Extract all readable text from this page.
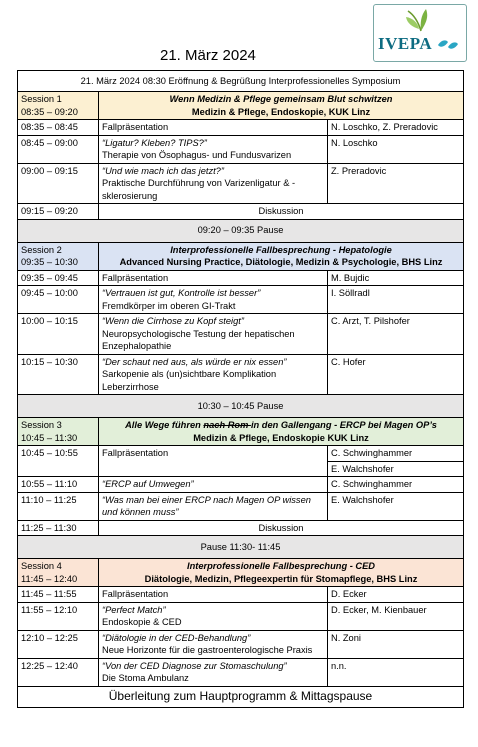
IVEPA
21. März 2024
21. März 2024 08:30 Eröffnung & Begrüßung Interprofessionelles Symposium		

Session 1
08:35 – 09:20	Wenn Medizin & Pflege gemeinsam Blut schwitzen
Medizin & Pflege, Endoskopie, KUK Linz	

08:35 – 08:45	Fallpräsentation	N. Loschko, Z. Preradovic
08:45 – 09:00	“Ligatur? Kleben? TIPS?”
Therapie von Ösophagus- und Fundusvarizen	N. Loschko
09:00 – 09:15	“Und wie mach ich das jetzt?”
Praktische Durchführung von Varizenligatur & -sklerosierung	Z. Preradovic
09:15 – 09:20	Diskussion	
09:20 – 09:35 Pause		

Session 2
09:35 – 10:30	Interprofessionelle Fallbesprechung - Hepatologie
Advanced Nursing Practice, Diätologie, Medizin & Psychologie, BHS Linz	

09:35 – 09:45	Fallpräsentation	M. Bujdic
09:45 – 10:00	“Vertrauen ist gut, Kontrolle ist besser”
Fremdkörper im oberen GI-Trakt	I. Söllradl
10:00 – 10:15	“Wenn die Cirrhose zu Kopf steigt”
Neuropsychologische Testung der hepatischen Enzephalopathie	C. Arzt, T. Pilshofer
10:15 – 10:30	“Der schaut ned aus, als würde er nix essen”
Sarkopenie als (un)sichtbare Komplikation Leberzirrhose	C. Hofer
10:30 – 10:45 Pause		

Session 3
10:45 – 11:30	Alle Wege führen nach Rom in den Gallengang - ERCP bei Magen OP’s
Medizin & Pflege, Endoskopie KUK Linz	

10:45 – 10:55	Fallpräsentation	C. Schwinghammer
E. Walchshofer

10:55 – 11:10	“ERCP auf Umwegen”	C. Schwinghammer
11:10 – 11:25	“Was man bei einer ERCP nach Magen OP wissen und können muss”	E. Walchshofer
11:25 – 11:30	Diskussion	
Pause 11:30- 11:45		

Session 4
11:45 – 12:40	Interprofessionelle Fallbesprechung - CED
Diätologie, Medizin, Pflegeexpertin für Stomapflege, BHS Linz	

11:45 – 11:55	Fallpräsentation	D. Ecker
11:55 – 12:10	“Perfect Match”
Endoskopie & CED	D. Ecker, M. Kienbauer
12:10 – 12:25	“Diätologie in der CED-Behandlung”
Neue Horizonte für die gastroenterologische Praxis	N. Zoni
12:25 – 12:40	“Von der CED Diagnose zur Stomaschulung”
Die Stoma Ambulanz	n.n.
Überleitung zum Hauptprogramm & Mittagspause		
